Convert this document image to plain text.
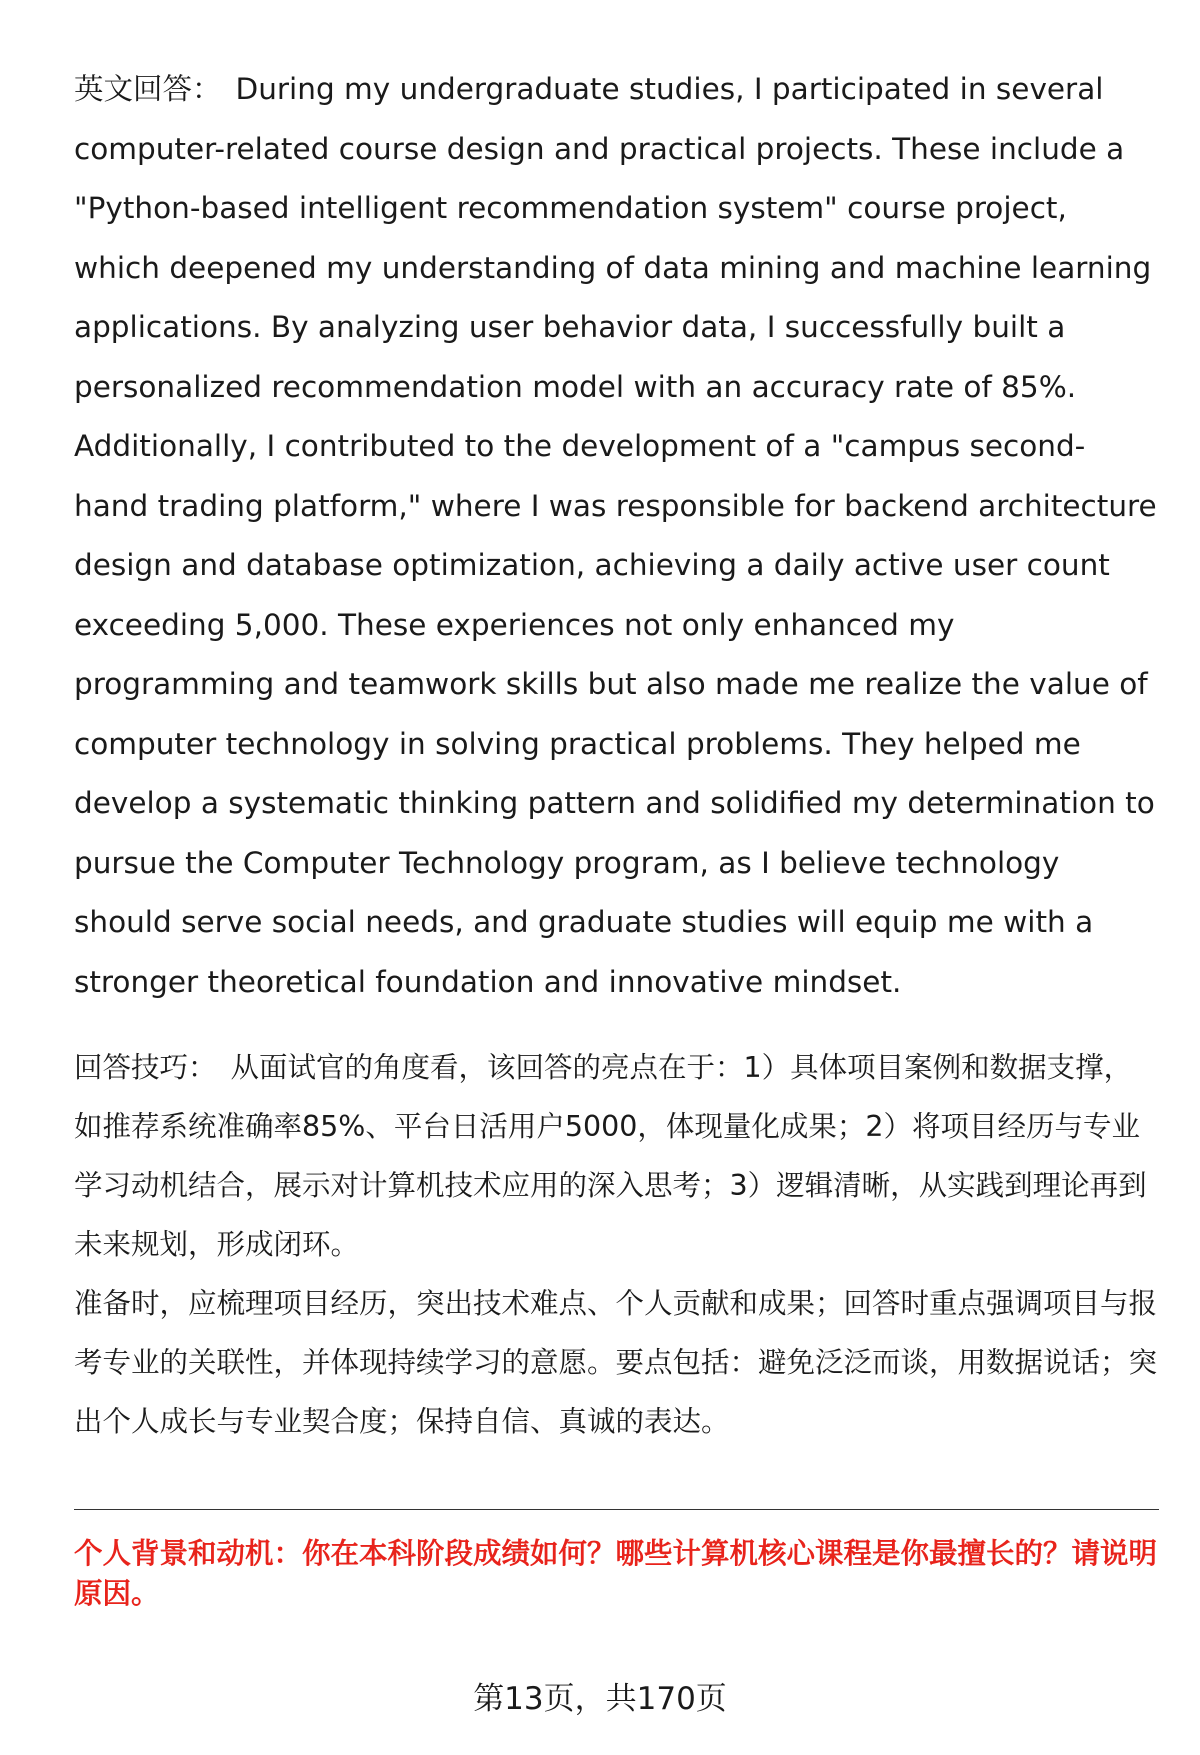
英文回答： During my undergraduate studies, I participated in several computer-related course design and practical projects. These include a "Python-based intelligent recommendation system" course project, which deepened my understanding of data mining and machine learning applications. By analyzing user behavior data, I successfully built a personalized recommendation model with an accuracy rate of 85%. Additionally, I contributed to the development of a "campus second-hand trading platform," where I was responsible for backend architecture design and database optimization, achieving a daily active user count exceeding 5,000. These experiences not only enhanced my programming and teamwork skills but also made me realize the value of computer technology in solving practical problems. They helped me develop a systematic thinking pattern and solidified my determination to pursue the Computer Technology program, as I believe technology should serve social needs, and graduate studies will equip me with a stronger theoretical foundation and innovative mindset.

回答技巧： 从面试官的角度看，该回答的亮点在于：1）具体项目案例和数据支撑，如推荐系统准确率85%、平台日活用户5000，体现量化成果；2）将项目经历与专业学习动机结合，展示对计算机技术应用的深入思考；3）逻辑清晰，从实践到理论再到未来规划，形成闭环。

准备时，应梳理项目经历，突出技术难点、个人贡献和成果；回答时重点强调项目与报考专业的关联性，并体现持续学习的意愿。要点包括：避免泛泛而谈，用数据说话；突出个人成长与专业契合度；保持自信、真诚的表达。

个人背景和动机：你在本科阶段成绩如何？哪些计算机核心课程是你最擅长的？请说明原因。

第13页，共170页
